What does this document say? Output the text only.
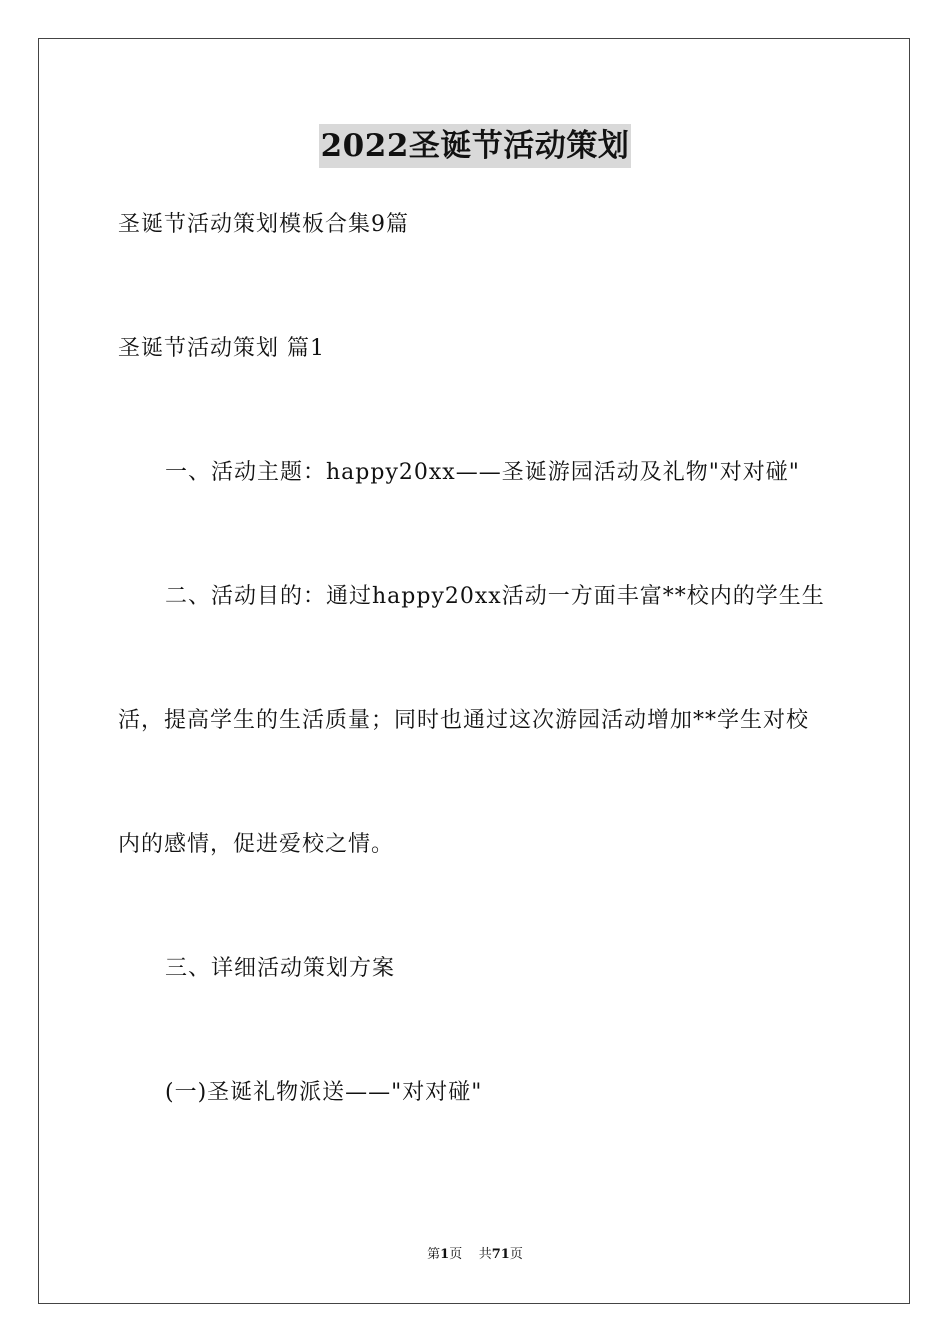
2022圣诞节活动策划
圣诞节活动策划模板合集9篇
圣诞节活动策划 篇1
一、活动主题：happy20xx——圣诞游园活动及礼物"对对碰"
二、活动目的：通过happy20xx活动一方面丰富**校内的学生生
活，提高学生的生活质量；同时也通过这次游园活动增加**学生对校
内的感情，促进爱校之情。
三、详细活动策划方案
(一)圣诞礼物派送——"对对碰"
第1页 共71页
